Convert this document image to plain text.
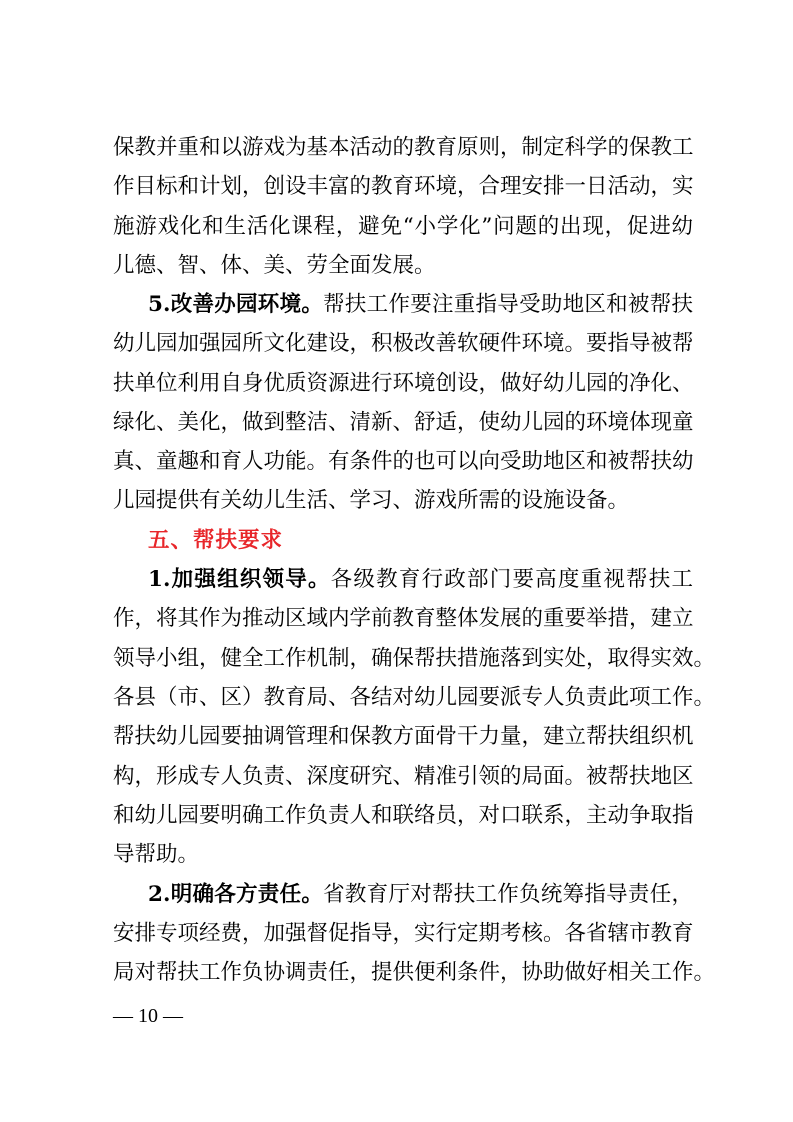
保教并重和以游戏为基本活动的教育原则，制定科学的保教工
作目标和计划，创设丰富的教育环境，合理安排一日活动，实
施游戏化和生活化课程，避免“小学化”问题的出现，促进幼
儿德、智、体、美、劳全面发展。
5.改善办园环境。帮扶工作要注重指导受助地区和被帮扶
幼儿园加强园所文化建设，积极改善软硬件环境。要指导被帮
扶单位利用自身优质资源进行环境创设，做好幼儿园的净化、
绿化、美化，做到整洁、清新、舒适，使幼儿园的环境体现童
真、童趣和育人功能。有条件的也可以向受助地区和被帮扶幼
儿园提供有关幼儿生活、学习、游戏所需的设施设备。
五、帮扶要求
1.加强组织领导。各级教育行政部门要高度重视帮扶工
作，将其作为推动区域内学前教育整体发展的重要举措，建立
领导小组，健全工作机制，确保帮扶措施落到实处，取得实效。
各县（市、区）教育局、各结对幼儿园要派专人负责此项工作。
帮扶幼儿园要抽调管理和保教方面骨干力量，建立帮扶组织机
构，形成专人负责、深度研究、精准引领的局面。被帮扶地区
和幼儿园要明确工作负责人和联络员，对口联系，主动争取指
导帮助。
2.明确各方责任。省教育厅对帮扶工作负统筹指导责任，
安排专项经费，加强督促指导，实行定期考核。各省辖市教育
局对帮扶工作负协调责任，提供便利条件，协助做好相关工作。
— 10 —
